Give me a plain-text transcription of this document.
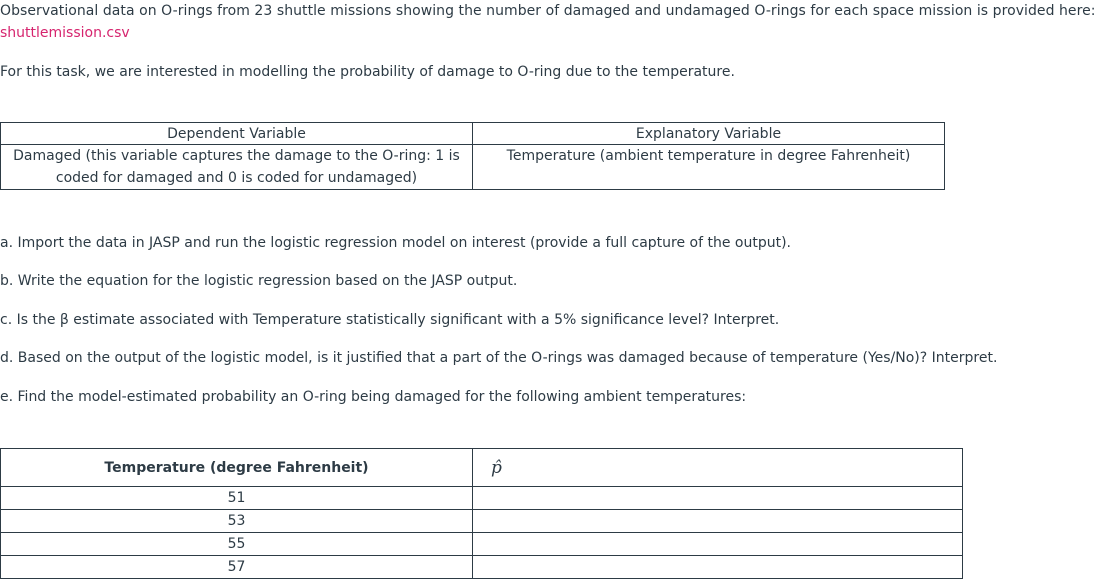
Observational data on O-rings from 23 shuttle missions showing the number of damaged and undamaged O-rings for each space mission is provided here:
shuttlemission.csv
For this task, we are interested in modelling the probability of damage to O-ring due to the temperature.
Dependent Variable	Explanatory Variable

Damaged (this variable captures the damage to the O-ring: 1 is
coded for damaged and 0 is coded for undamaged)	Temperature (ambient temperature in degree Fahrenheit)
a. Import the data in JASP and run the logistic regression model on interest (provide a full capture of the output).
b. Write the equation for the logistic regression based on the JASP output.
c. Is the β estimate associated with Temperature statistically significant with a 5% significance level? Interpret.
d. Based on the output of the logistic model, is it justified that a part of the O-rings was damaged because of temperature (Yes/No)? Interpret.
e. Find the model-estimated probability an O-ring being damaged for the following ambient temperatures:
Temperature (degree Fahrenheit)	p̂
51	
53	
55	
57	
